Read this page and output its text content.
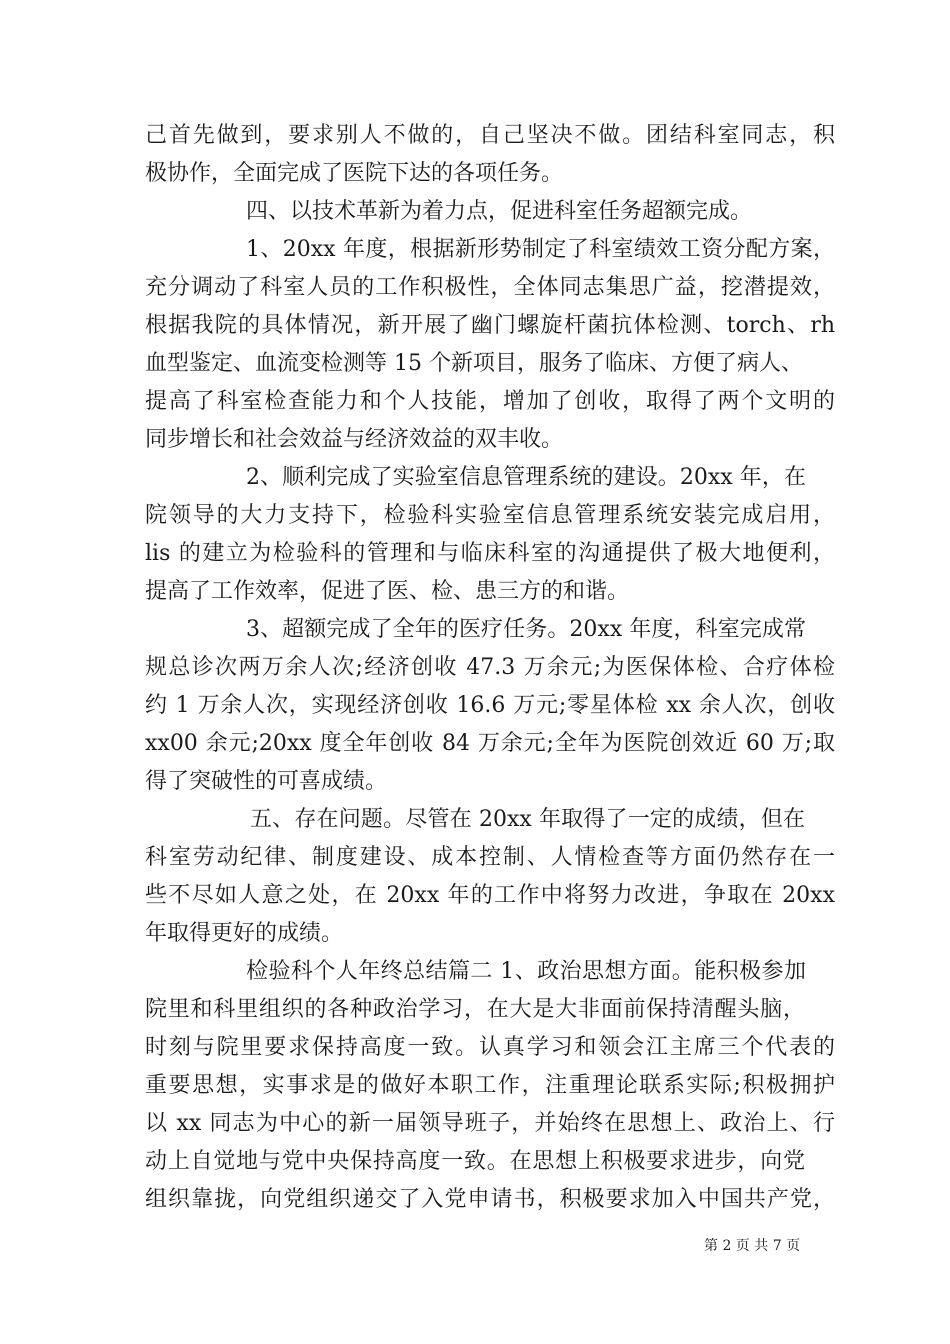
己首先做到，要求别人不做的，自己坚决不做。团结科室同志，积
极协作，全面完成了医院下达的各项任务。
四、以技术革新为着力点，促进科室任务超额完成。
1、20xx 年度，根据新形势制定了科室绩效工资分配方案，
充分调动了科室人员的工作积极性，全体同志集思广益，挖潜提效，
根据我院的具体情况，新开展了幽门螺旋杆菌抗体检测、torch、rh
血型鉴定、血流变检测等 15 个新项目，服务了临床、方便了病人、
提高了科室检查能力和个人技能，增加了创收，取得了两个文明的
同步增长和社会效益与经济效益的双丰收。
2、顺利完成了实验室信息管理系统的建设。20xx 年，在
院领导的大力支持下，检验科实验室信息管理系统安装完成启用，
lis 的建立为检验科的管理和与临床科室的沟通提供了极大地便利，
提高了工作效率，促进了医、检、患三方的和谐。
3、超额完成了全年的医疗任务。20xx 年度，科室完成常
规总诊次两万余人次;经济创收 47.3 万余元;为医保体检、合疗体检
约 1 万余人次，实现经济创收 16.6 万元;零星体检 xx 余人次，创收
xx00 余元;20xx 度全年创收 84 万余元;全年为医院创效近 60 万;取
得了突破性的可喜成绩。
五、存在问题。尽管在 20xx 年取得了一定的成绩，但在
科室劳动纪律、制度建设、成本控制、人情检查等方面仍然存在一
些不尽如人意之处，在 20xx 年的工作中将努力改进，争取在 20xx
年取得更好的成绩。
检验科个人年终总结篇二 1、政治思想方面。能积极参加
院里和科里组织的各种政治学习，在大是大非面前保持清醒头脑，
时刻与院里要求保持高度一致。认真学习和领会江主席三个代表的
重要思想，实事求是的做好本职工作，注重理论联系实际;积极拥护
以 xx 同志为中心的新一届领导班子，并始终在思想上、政治上、行
动上自觉地与党中央保持高度一致。在思想上积极要求进步，向党
组织靠拢，向党组织递交了入党申请书，积极要求加入中国共产党，
第 2 页 共 7 页
